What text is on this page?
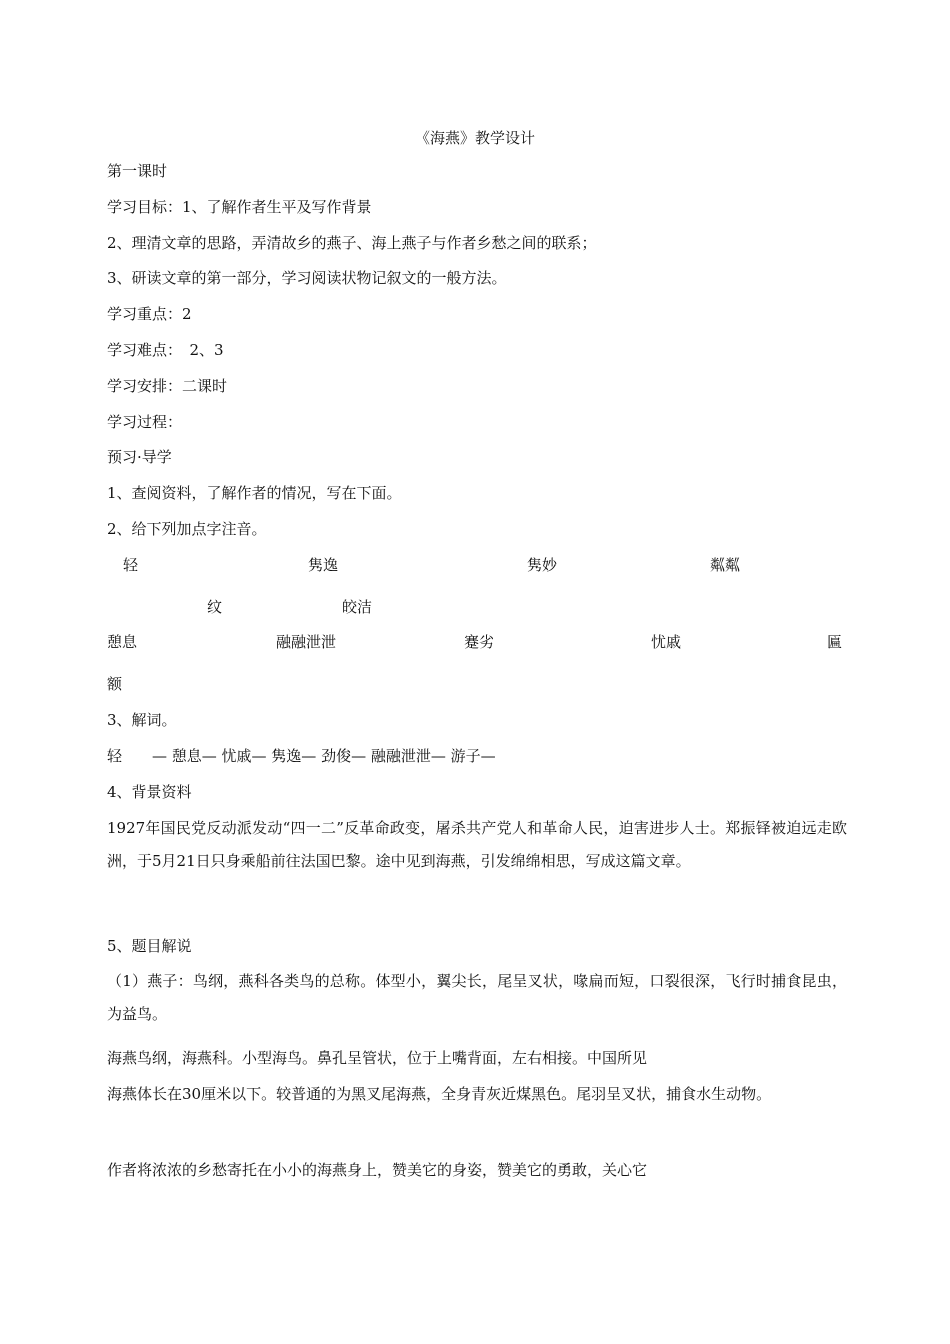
《海燕》教学设计
第一课时
学习目标：1、了解作者生平及写作背景
2、理清文章的思路，弄清故乡的燕子、海上燕子与作者乡愁之间的联系；
3、研读文章的第一部分，学习阅读状物记叙文的一般方法。
学习重点：2
学习难点：　2、3
学习安排：二课时
学习过程：
预习·导学
1、查阅资料，了解作者的情况，写在下面。
2、给下列加点字注音。
轻	隽逸	隽妙	粼粼
纹	皎洁
憩息	融融泄泄	蹇劣	忧戚	匾
额
3、解词。
轻　　— 憩息— 忧戚— 隽逸— 劲俊— 融融泄泄— 游子—
4、背景资料
1927年国民党反动派发动“四一二”反革命政变，屠杀共产党人和革命人民，迫害进步人士。郑振铎被迫远走欧洲，于5月21日只身乘船前往法国巴黎。途中见到海燕，引发绵绵相思，写成这篇文章。
5、题目解说
（1）燕子：鸟纲，燕科各类鸟的总称。体型小，翼尖长，尾呈叉状，喙扁而短，口裂很深，飞行时捕食昆虫，为益鸟。
海燕鸟纲，海燕科。小型海鸟。鼻孔呈管状，位于上嘴背面，左右相接。中国所见
海燕体长在30厘米以下。较普通的为黑叉尾海燕，全身青灰近煤黑色。尾羽呈叉状，捕食水生动物。
作者将浓浓的乡愁寄托在小小的海燕身上，赞美它的身姿，赞美它的勇敢，关心它
